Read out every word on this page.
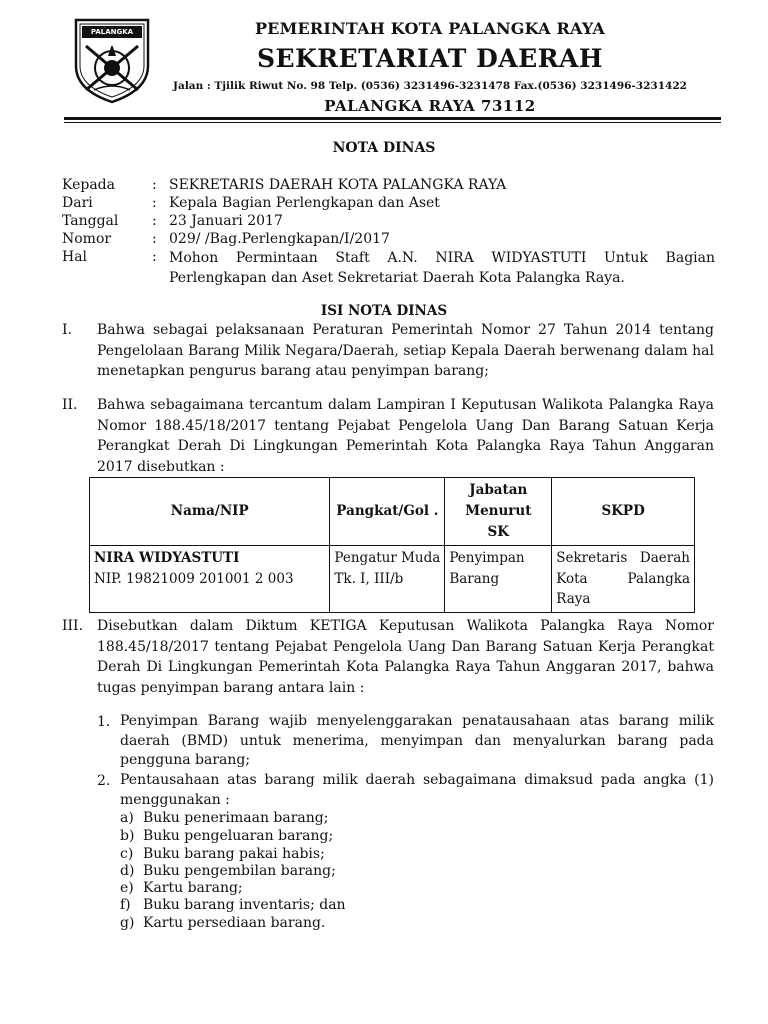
PALANGKA RAYA
PEMERINTAH KOTA PALANGKA RAYA
SEKRETARIAT DAERAH
Jalan : Tjilik Riwut No. 98 Telp. (0536) 3231496-3231478 Fax.(0536) 3231496-3231422
PALANGKA RAYA 73112
NOTA DINAS
Kepada	: SEKRETARIS DAERAH KOTA PALANGKA RAYA
Dari	: Kepala Bagian Perlengkapan dan Aset
Tanggal : 23 Januari 2017
Nomor	: 029/ /Bag.Perlengkapan/I/2017
Hal	: Mohon Permintaan Staft A.N. NIRA WIDYASTUTI Untuk Bagian Perlengkapan dan Aset Sekretariat Daerah Kota Palangka Raya.
ISI NOTA DINAS
I. Bahwa sebagai pelaksanaan Peraturan Pemerintah Nomor 27 Tahun 2014 tentang Pengelolaan Barang Milik Negara/Daerah, setiap Kepala Daerah berwenang dalam hal menetapkan pengurus barang atau penyimpan barang;
II. Bahwa sebagaimana tercantum dalam Lampiran I Keputusan Walikota Palangka Raya Nomor 188.45/18/2017 tentang Pejabat Pengelola Uang Dan Barang Satuan Kerja Perangkat Derah Di Lingkungan Pemerintah Kota Palangka Raya Tahun Anggaran 2017 disebutkan :
Nama/NIP	Pangkat/Gol .	Jabatan Menurut SK	SKPD

NIRA WIDYASTUTI
NIP. 19821009 201001 2 003	Pengatur Muda Tk. I, III/b	Penyimpan Barang	Sekretaris Daerah Kota Palangka Raya
III. Disebutkan dalam Diktum KETIGA Keputusan Walikota Palangka Raya Nomor 188.45/18/2017 tentang Pejabat Pengelola Uang Dan Barang Satuan Kerja Perangkat Derah Di Lingkungan Pemerintah Kota Palangka Raya Tahun Anggaran 2017, bahwa tugas penyimpan barang antara lain :
1. Penyimpan Barang wajib menyelenggarakan penatausahaan atas barang milik daerah (BMD) untuk menerima, menyimpan dan menyalurkan barang pada pengguna barang;
2. Pentausahaan atas barang milik daerah sebagaimana dimaksud pada angka (1) menggunakan :
a) Buku penerimaan barang;
b) Buku pengeluaran barang;
c) Buku barang pakai habis;
d) Buku pengembilan barang;
e) Kartu barang;
f) Buku barang inventaris; dan
g) Kartu persediaan barang.
